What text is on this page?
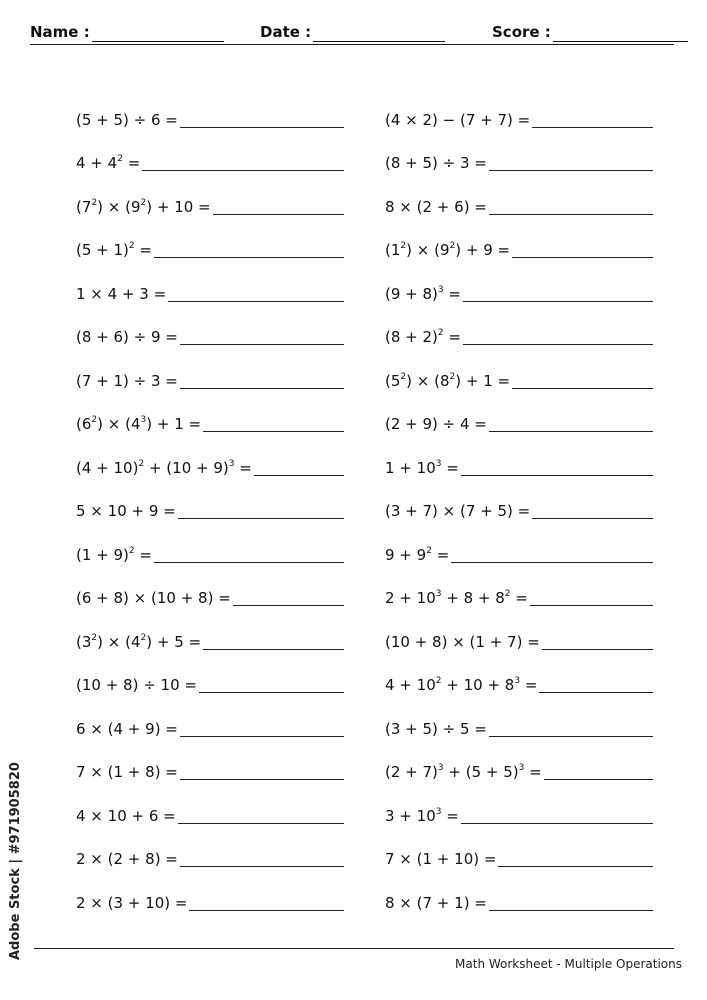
Name :	Date :	Score :
(5 + 5) ÷ 6 =
$4 + 4^2$ =
$(7^2) \times (9^2) + 10$ =
$(5 + 1)^2$ =
1 × 4 + 3 =
(8 + 6) ÷ 9 =
(7 + 1) ÷ 3 =
$(6^2) \times (4^3) + 1$ =
$(4 + 10)^2 + (10 + 9)^3$ =
5 × 10 + 9 =
$(1 + 9)^2$ =
(6 + 8) × (10 + 8) =
$(3^2) \times (4^2) + 5$ =
(10 + 8) ÷ 10 =
6 × (4 + 9) =
7 × (1 + 8) =
4 × 10 + 6 =
2 × (2 + 8) =
2 × (3 + 10) =
(4 × 2) − (7 + 7) =
(8 + 5) ÷ 3 =
8 × (2 + 6) =
$(1^2) \times (9^2) + 9$ =
$(9 + 8)^3$ =
$(8 + 2)^2$ =
$(5^2) \times (8^2) + 1$ =
(2 + 9) ÷ 4 =
$1 + 10^3$ =
(3 + 7) × (7 + 5) =
$9 + 9^2$ =
$2 + 10^3 + 8 + 8^2$ =
(10 + 8) × (1 + 7) =
$4 + 10^2 + 10 + 8^3$ =
(3 + 5) ÷ 5 =
$(2 + 7)^3 + (5 + 5)^3$ =
$3 + 10^3$ =
7 × (1 + 10) =
8 × (7 + 1) =
Math Worksheet - Multiple Operations
Adobe Stock | #971905820
